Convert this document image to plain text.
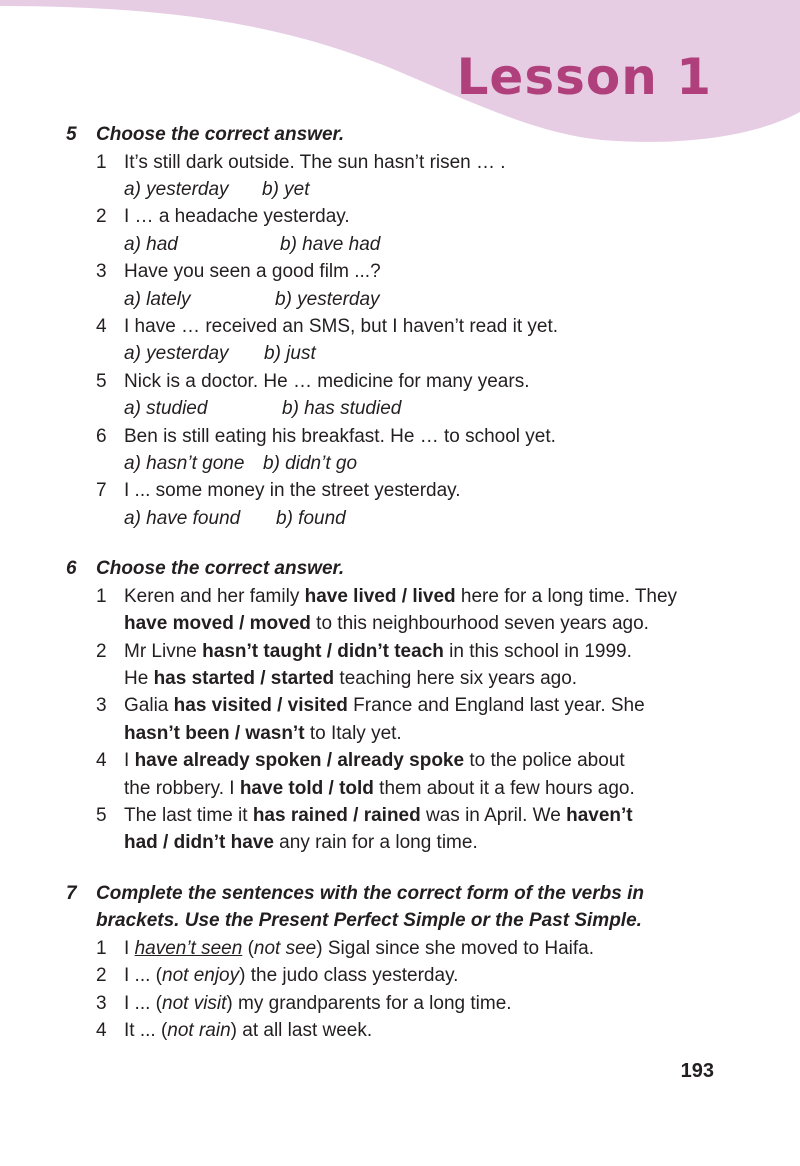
Lesson 1
5 Choose the correct answer.
1 It’s still dark outside. The sun hasn’t risen … .
a) yesterday b) yet
2 I … a headache yesterday.
a) had	b) have had
3 Have you seen a good film ...?
a) lately	b) yesterday
4 I have … received an SMS, but I haven’t read it yet.
a) yesterday b) just
5 Nick is a doctor. He … medicine for many years.
a) studied	b) has studied
6 Ben is still eating his breakfast. He … to school yet.
a) hasn’t gone b) didn’t go
7 I ... some money in the street yesterday.
a) have found b) found
6 Choose the correct answer.
1 Keren and her family have lived / lived here for a long time. They
have moved / moved to this neighbourhood seven years ago.
2 Mr Livne hasn’t taught / didn’t teach in this school in 1999.
He has started / started teaching here six years ago.
3 Galia has visited / visited France and England last year. She
hasn’t been / wasn’t to Italy yet.
4 I have already spoken / already spoke to the police about
the robbery. I have told / told them about it a few hours ago.
5 The last time it has rained / rained was in April. We haven’t
had / didn’t have any rain for a long time.
7 Complete the sentences with the correct form of the verbs in
brackets. Use the Present Perfect Simple or the Past Simple.
1 I haven’t seen (not see) Sigal since she moved to Haifa.
2 I ... (not enjoy) the judo class yesterday.
3 I ... (not visit) my grandparents for a long time.
4 It ... (not rain) at all last week.

193
